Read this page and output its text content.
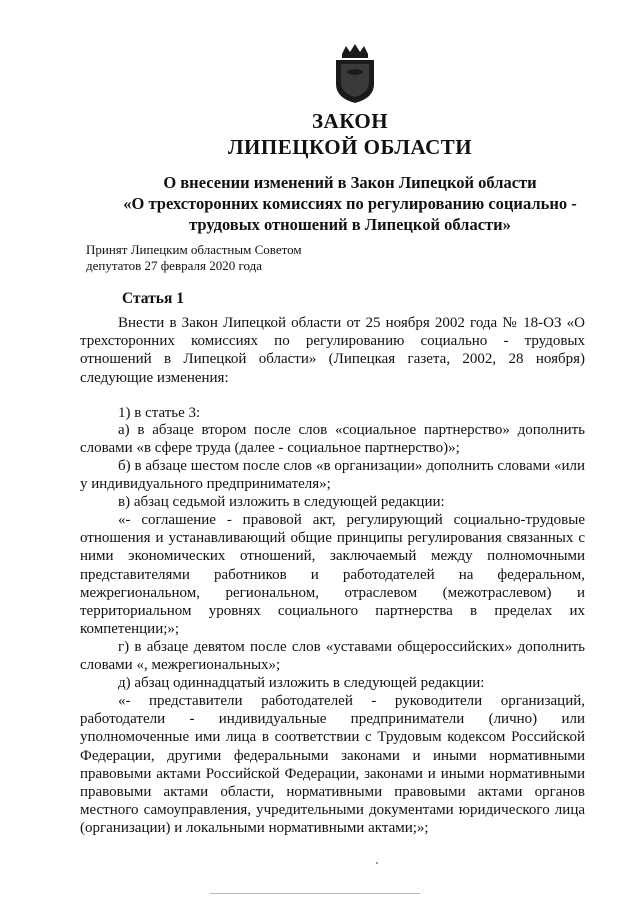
ЗАКОН
ЛИПЕЦКОЙ ОБЛАСТИ
О внесении изменений в Закон Липецкой области
«О трехсторонних комиссиях по регулированию социально -
трудовых отношений в Липецкой области»
Принят Липецким областным Советом
депутатов 27 февраля 2020 года
Статья 1
Внести в Закон Липецкой области от 25 ноября 2002 года № 18-ОЗ «О трехсторонних комиссиях по регулированию социально - трудовых отношений в Липецкой области» (Липецкая газета, 2002, 28 ноября) следующие изменения:
1) в статье 3:
а) в абзаце втором после слов «социальное партнерство» дополнить словами «в сфере труда (далее - социальное партнерство)»;
б) в абзаце шестом после слов «в организации» дополнить словами «или у индивидуального предпринимателя»;
в) абзац седьмой изложить в следующей редакции:
«- соглашение - правовой акт, регулирующий социально-трудовые отношения и устанавливающий общие принципы регулирования связанных с ними экономических отношений, заключаемый между полномочными представителями работников и работодателей на федеральном, межрегиональном, региональном, отраслевом (межотраслевом) и территориальном уровнях социального партнерства в пределах их компетенции;»;
г) в абзаце девятом после слов «уставами общероссийских» дополнить словами «, межрегиональных»;
д) абзац одиннадцатый изложить в следующей редакции:
«- представители работодателей - руководители организаций, работодатели - индивидуальные предприниматели (лично) или уполномоченные ими лица в соответствии с Трудовым кодексом Российской Федерации, другими федеральными законами и иными нормативными правовыми актами Российской Федерации, законами и иными нормативными правовыми актами области, нормативными правовыми актами органов местного самоуправления, учредительными документами юридического лица (организации) и локальными нормативными актами;»;
